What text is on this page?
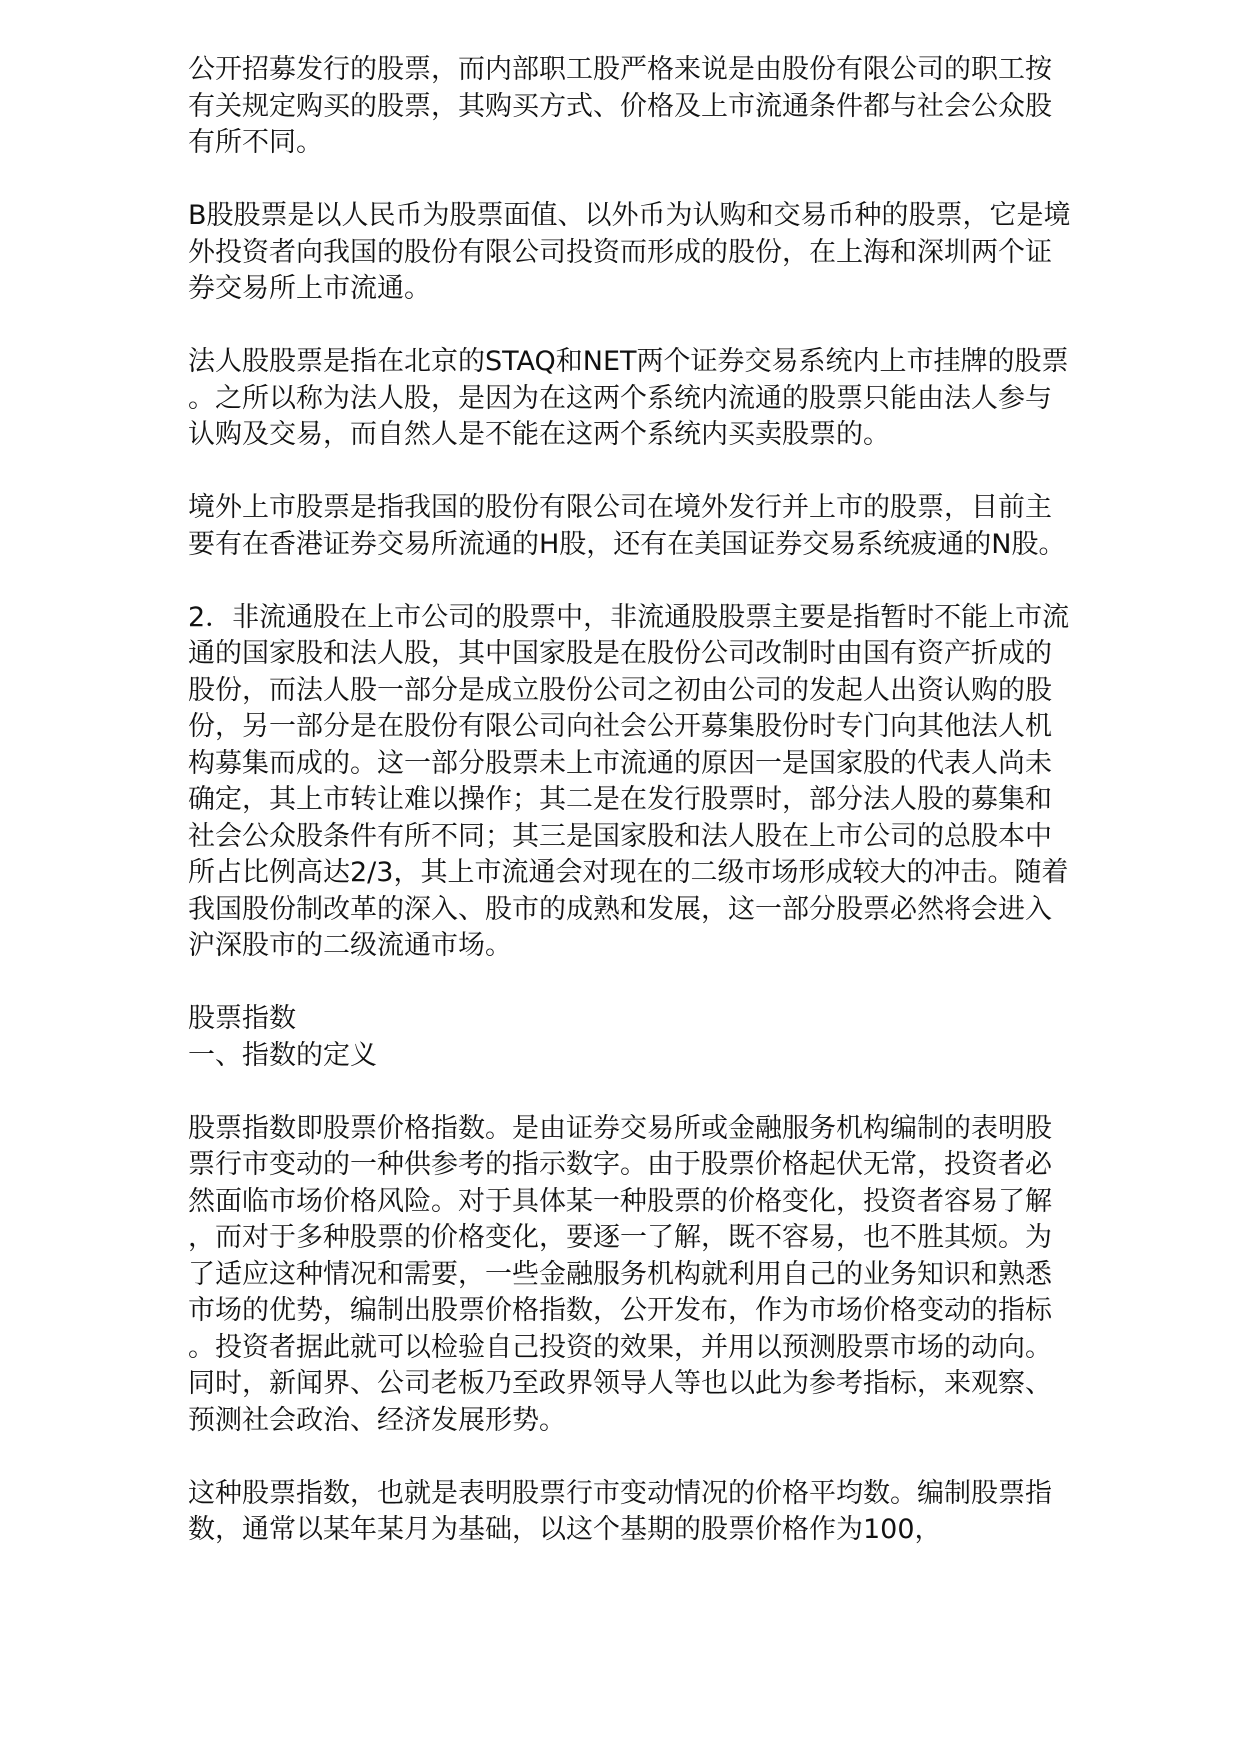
公开招募发行的股票，而内部职工股严格来说是由股份有限公司的职工按
有关规定购买的股票，其购买方式、价格及上市流通条件都与社会公众股
有所不同。
B股股票是以人民币为股票面值、以外币为认购和交易币种的股票，它是境
外投资者向我国的股份有限公司投资而形成的股份，在上海和深圳两个证
券交易所上市流通。
法人股股票是指在北京的STAQ和NET两个证券交易系统内上市挂牌的股票
。之所以称为法人股，是因为在这两个系统内流通的股票只能由法人参与
认购及交易，而自然人是不能在这两个系统内买卖股票的。
境外上市股票是指我国的股份有限公司在境外发行并上市的股票，目前主
要有在香港证券交易所流通的H股，还有在美国证券交易系统疲通的N股。
2．非流通股在上市公司的股票中，非流通股股票主要是指暂时不能上市流
通的国家股和法人股，其中国家股是在股份公司改制时由国有资产折成的
股份，而法人股一部分是成立股份公司之初由公司的发起人出资认购的股
份，另一部分是在股份有限公司向社会公开募集股份时专门向其他法人机
构募集而成的。这一部分股票未上市流通的原因一是国家股的代表人尚未
确定，其上市转让难以操作；其二是在发行股票时，部分法人股的募集和
社会公众股条件有所不同；其三是国家股和法人股在上市公司的总股本中
所占比例高达2/3，其上市流通会对现在的二级市场形成较大的冲击。随着
我国股份制改革的深入、股市的成熟和发展，这一部分股票必然将会进入
沪深股市的二级流通市场。
股票指数
一、指数的定义
股票指数即股票价格指数。是由证券交易所或金融服务机构编制的表明股
票行市变动的一种供参考的指示数字。由于股票价格起伏无常，投资者必
然面临市场价格风险。对于具体某一种股票的价格变化，投资者容易了解
，而对于多种股票的价格变化，要逐一了解，既不容易，也不胜其烦。为
了适应这种情况和需要，一些金融服务机构就利用自己的业务知识和熟悉
市场的优势，编制出股票价格指数，公开发布，作为市场价格变动的指标
。投资者据此就可以检验自己投资的效果，并用以预测股票市场的动向。
同时，新闻界、公司老板乃至政界领导人等也以此为参考指标，来观察、
预测社会政治、经济发展形势。
这种股票指数，也就是表明股票行市变动情况的价格平均数。编制股票指
数，通常以某年某月为基础，以这个基期的股票价格作为100，
